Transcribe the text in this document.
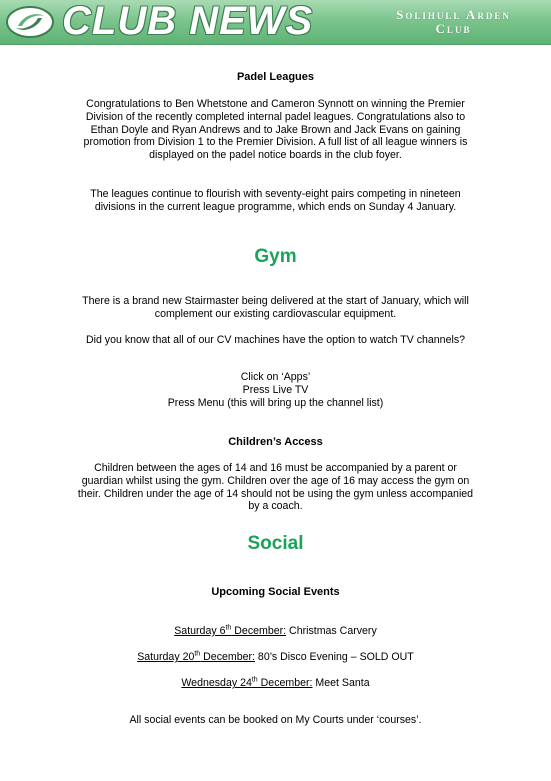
CLUB NEWS	Solihull Arden
Club
Padel Leagues

Congratulations to Ben Whetstone and Cameron Synnott on winning the Premier Division of the recently completed internal padel leagues. Congratulations also to Ethan Doyle and Ryan Andrews and to Jake Brown and Jack Evans on gaining promotion from Division 1 to the Premier Division. A full list of all league winners is displayed on the padel notice boards in the club foyer.

The leagues continue to flourish with seventy-eight pairs competing in nineteen divisions in the current league programme, which ends on Sunday 4 January.

Gym

There is a brand new Stairmaster being delivered at the start of January, which will complement our existing cardiovascular equipment.

Did you know that all of our CV machines have the option to watch TV channels?

Click on ‘Apps’
Press Live TV
Press Menu (this will bring up the channel list)
Children’s Access

Children between the ages of 14 and 16 must be accompanied by a parent or guardian whilst using the gym. Children over the age of 16 may access the gym on their. Children under the age of 14 should not be using the gym unless accompanied by a coach.

Social
Upcoming Social Events
Saturday 6th December: Christmas Carvery
Saturday 20th December: 80’s Disco Evening – SOLD OUT
Wednesday 24th December: Meet Santa
All social events can be booked on My Courts under ‘courses’.
